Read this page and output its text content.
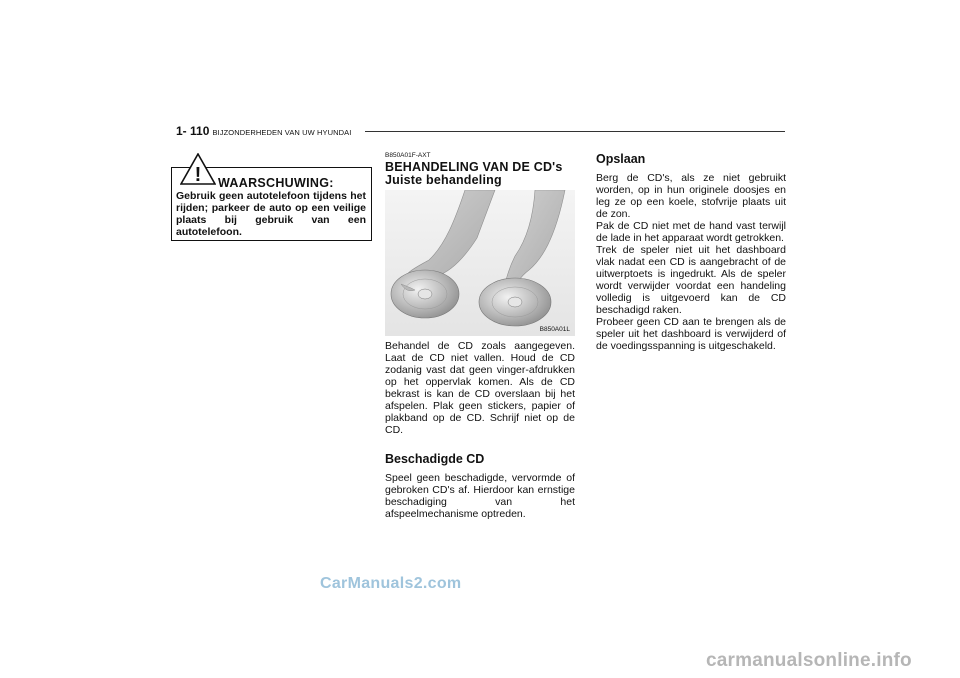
1- 110 BIJZONDERHEDEN VAN UW HYUNDAI
! WAARSCHUWING:
Gebruik geen autotelefoon tijdens het rijden; parkeer de auto op een veilige plaats bij gebruik van een autotelefoon.
B850A01F-AXT
BEHANDELING VAN DE CD's
Juiste behandeling
B850A01L

Behandel de CD zoals aangegeven. Laat de CD niet vallen. Houd de CD zodanig vast dat geen vinger-afdrukken op het oppervlak komen. Als de CD bekrast is kan de CD overslaan bij het afspelen. Plak geen stickers, papier of plakband op de CD. Schrijf niet op de CD.

Beschadigde CD

Speel geen beschadigde, vervormde of gebroken CD's af. Hierdoor kan ernstige beschadiging van het afspeelmechanisme optreden.

Opslaan

Berg de CD's, als ze niet gebruikt worden, op in hun originele doosjes en leg ze op een koele, stofvrije plaats uit de zon.

Pak de CD niet met de hand vast terwijl de lade in het apparaat wordt getrokken.

Trek de speler niet uit het dashboard vlak nadat een CD is aangebracht of de uitwerptoets is ingedrukt. Als de speler wordt verwijder voordat een handeling volledig is uitgevoerd kan de CD beschadigd raken.

Probeer geen CD aan te brengen als de speler uit het dashboard is verwijderd of de voedingsspanning is uitgeschakeld.

CarManuals2.com
carmanualsonline.info
